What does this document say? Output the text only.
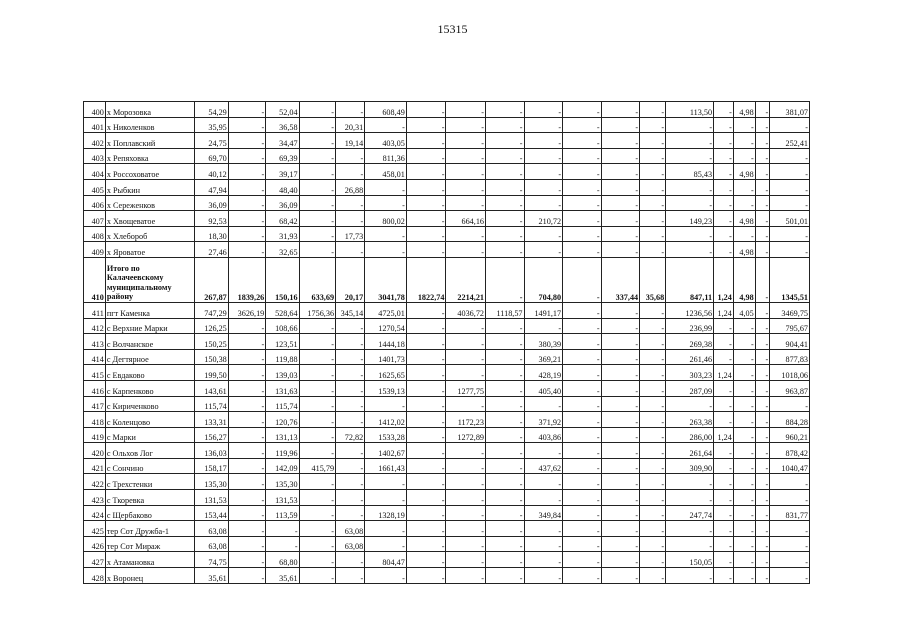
15315
400	х Морозовка	54,29	-	52,04	-	-	608,49	-	-	-	-	-	-	-	113,50	-	4,98	-	381,07
401	х Николенков	35,95	-	36,58	-	20,31	-	-	-	-	-	-	-	-	-	-	-	-	-
402	х Поплавский	24,75	-	34,47	-	19,14	403,05	-	-	-	-	-	-	-	-	-	-	-	252,41
403	х Репяховка	69,70	-	69,39	-	-	811,36	-	-	-	-	-	-	-	-	-	-	-	-
404	х Россоховатое	40,12	-	39,17	-	-	458,01	-	-	-	-	-	-	-	85,43	-	4,98	-	-
405	х Рыбкин	47,94	-	48,40	-	26,88	-	-	-	-	-	-	-	-	-	-	-	-	-
406	х Сереженков	36,09	-	36,09	-	-	-	-	-	-	-	-	-	-	-	-	-	-	-
407	х Хвощеватое	92,53	-	68,42	-	-	800,02	-	664,16	-	210,72	-	-	-	149,23	-	4,98	-	501,01
408	х Хлебороб	18,30	-	31,93	-	17,73	-	-	-	-	-	-	-	-	-	-	-	-	-
409	х Яроватое	27,46	-	32,65	-	-	-	-	-	-	-	-	-	-	-	-	4,98	-	-
410	Итого по Калачеевскому муниципальному району	267,87	1839,26	150,16	633,69	20,17	3041,78	1822,74	2214,21	-	704,80	-	337,44	35,68	847,11	1,24	4,98	-	1345,51
411	пгт Каменка	747,29	3626,19	528,64	1756,36	345,14	4725,01	-	4036,72	1118,57	1491,17	-	-	-	1236,56	1,24	4,05	-	3469,75
412	с Верхние Марки	126,25	-	108,66	-	-	1270,54	-	-	-	-	-	-	-	236,99	-	-	-	795,67
413	с Волчанское	150,25	-	123,51	-	-	1444,18	-	-	-	380,39	-	-	-	269,38	-	-	-	904,41
414	с Дегтярное	150,38	-	119,88	-	-	1401,73	-	-	-	369,21	-	-	-	261,46	-	-	-	877,83
415	с Евдаково	199,50	-	139,03	-	-	1625,65	-	-	-	428,19	-	-	-	303,23	1,24	-	-	1018,06
416	с Карпенково	143,61	-	131,63	-	-	1539,13	-	1277,75	-	405,40	-	-	-	287,09	-	-	-	963,87
417	с Кириченково	115,74	-	115,74	-	-	-	-	-	-	-	-	-	-	-	-	-	-	-
418	с Коленцово	133,31	-	120,76	-	-	1412,02	-	1172,23	-	371,92	-	-	-	263,38	-	-	-	884,28
419	с Марки	156,27	-	131,13	-	72,82	1533,28	-	1272,89	-	403,86	-	-	-	286,00	1,24	-	-	960,21
420	с Ольхов Лог	136,03	-	119,96	-	-	1402,67	-	-	-	-	-	-	-	261,64	-	-	-	878,42
421	с Сончино	158,17	-	142,09	415,79	-	1661,43	-	-	-	437,62	-	-	-	309,90	-	-	-	1040,47
422	с Трехстенки	135,30	-	135,30	-	-	-	-	-	-	-	-	-	-	-	-	-	-	-
423	с Ткоревка	131,53	-	131,53	-	-	-	-	-	-	-	-	-	-	-	-	-	-	-
424	с Щербаково	153,44	-	113,59	-	-	1328,19	-	-	-	349,84	-	-	-	247,74	-	-	-	831,77
425	тер Сот Дружба-1	63,08	-	-	-	63,08	-	-	-	-	-	-	-	-	-	-	-	-	-
426	тер Сот Мираж	63,08	-	-	-	63,08	-	-	-	-	-	-	-	-	-	-	-	-	-
427	х Атамановка	74,75	-	68,80	-	-	804,47	-	-	-	-	-	-	-	150,05	-	-	-	-
428	х Воронец	35,61	-	35,61	-	-	-	-	-	-	-	-	-	-	-	-	-	-	-
